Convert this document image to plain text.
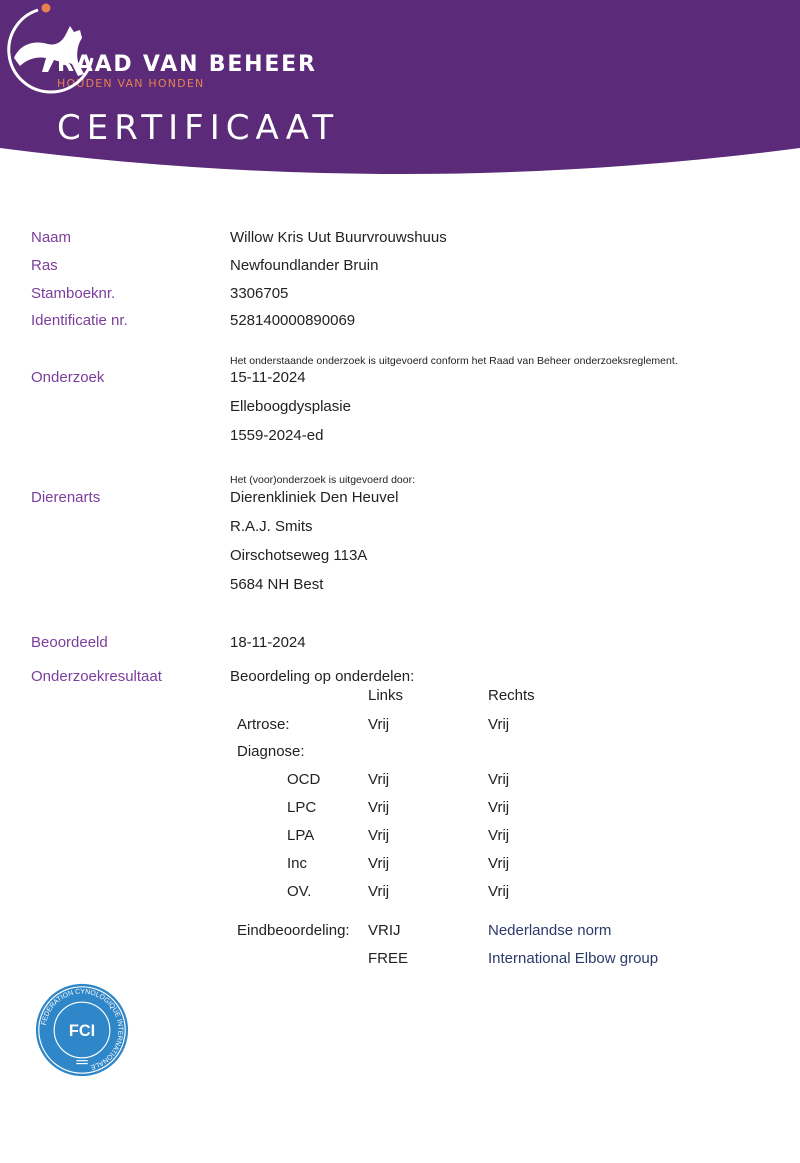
RAAD VAN BEHEER
HOUDEN VAN HONDEN
CERTIFICAAT
Naam	Willow Kris Uut Buurvrouwshuus
Ras	Newfoundlander Bruin
Stamboeknr.	3306705
Identificatie nr.	528140000890069
Het onderstaande onderzoek is uitgevoerd conform het Raad van Beheer onderzoeksreglement.
Onderzoek	15-11-2024
Elleboogdysplasie
1559-2024-ed
Het (voor)onderzoek is uitgevoerd door:
Dierenarts	Dierenkliniek Den Heuvel
R.A.J. Smits
Oirschotseweg 113A
5684 NH Best
Beoordeeld	18-11-2024
Onderzoekresultaat	Beoordeling op onderdelen:
Links	Rechts
Artrose:	Vrij	Vrij
Diagnose:
OCD	Vrij	Vrij
LPC	Vrij	Vrij
LPA	Vrij	Vrij
Inc	Vrij	Vrij
OV.	Vrij	Vrij
Eindbeoordeling: VRIJ	Nederlandse norm
FREE	International Elbow group
FEDERATION CYNOLOGIQUE INTERNATIONALE
FCI
